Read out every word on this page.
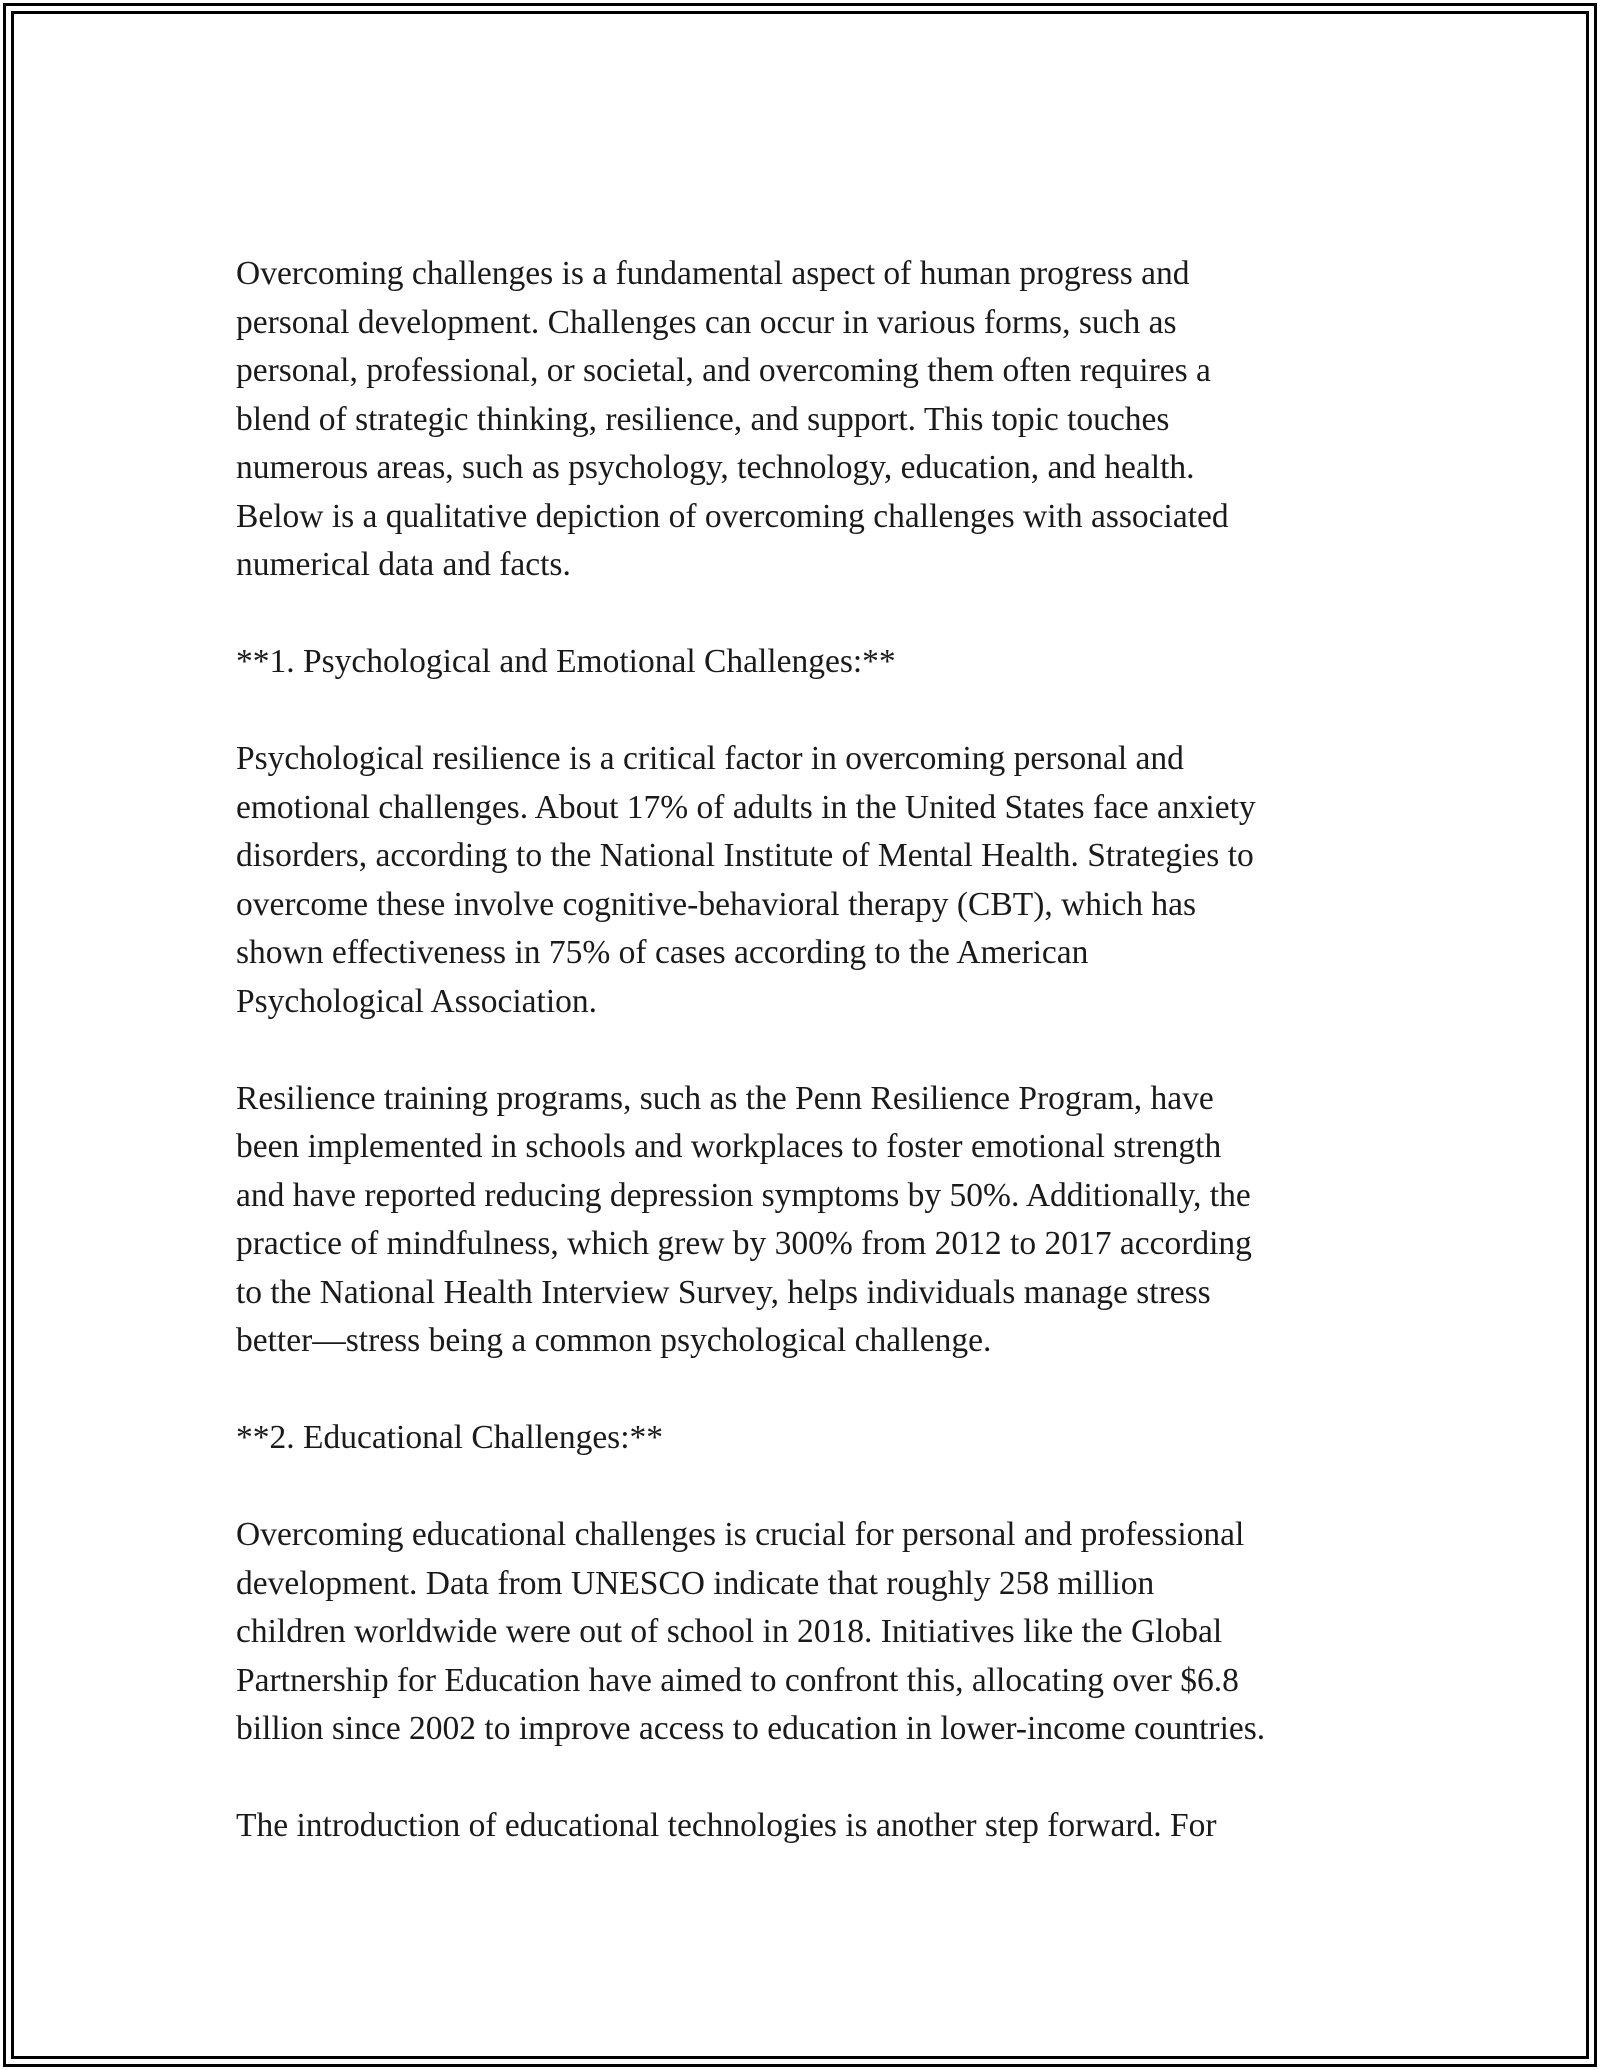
Overcoming challenges is a fundamental aspect of human progress and
personal development. Challenges can occur in various forms, such as
personal, professional, or societal, and overcoming them often requires a
blend of strategic thinking, resilience, and support. This topic touches
numerous areas, such as psychology, technology, education, and health.
Below is a qualitative depiction of overcoming challenges with associated
numerical data and facts.

**1. Psychological and Emotional Challenges:**

Psychological resilience is a critical factor in overcoming personal and
emotional challenges. About 17% of adults in the United States face anxiety
disorders, according to the National Institute of Mental Health. Strategies to
overcome these involve cognitive-behavioral therapy (CBT), which has
shown effectiveness in 75% of cases according to the American
Psychological Association.

Resilience training programs, such as the Penn Resilience Program, have
been implemented in schools and workplaces to foster emotional strength
and have reported reducing depression symptoms by 50%. Additionally, the
practice of mindfulness, which grew by 300% from 2012 to 2017 according
to the National Health Interview Survey, helps individuals manage stress
better—stress being a common psychological challenge.

**2. Educational Challenges:**

Overcoming educational challenges is crucial for personal and professional
development. Data from UNESCO indicate that roughly 258 million
children worldwide were out of school in 2018. Initiatives like the Global
Partnership for Education have aimed to confront this, allocating over $6.8
billion since 2002 to improve access to education in lower-income countries.

The introduction of educational technologies is another step forward. For
